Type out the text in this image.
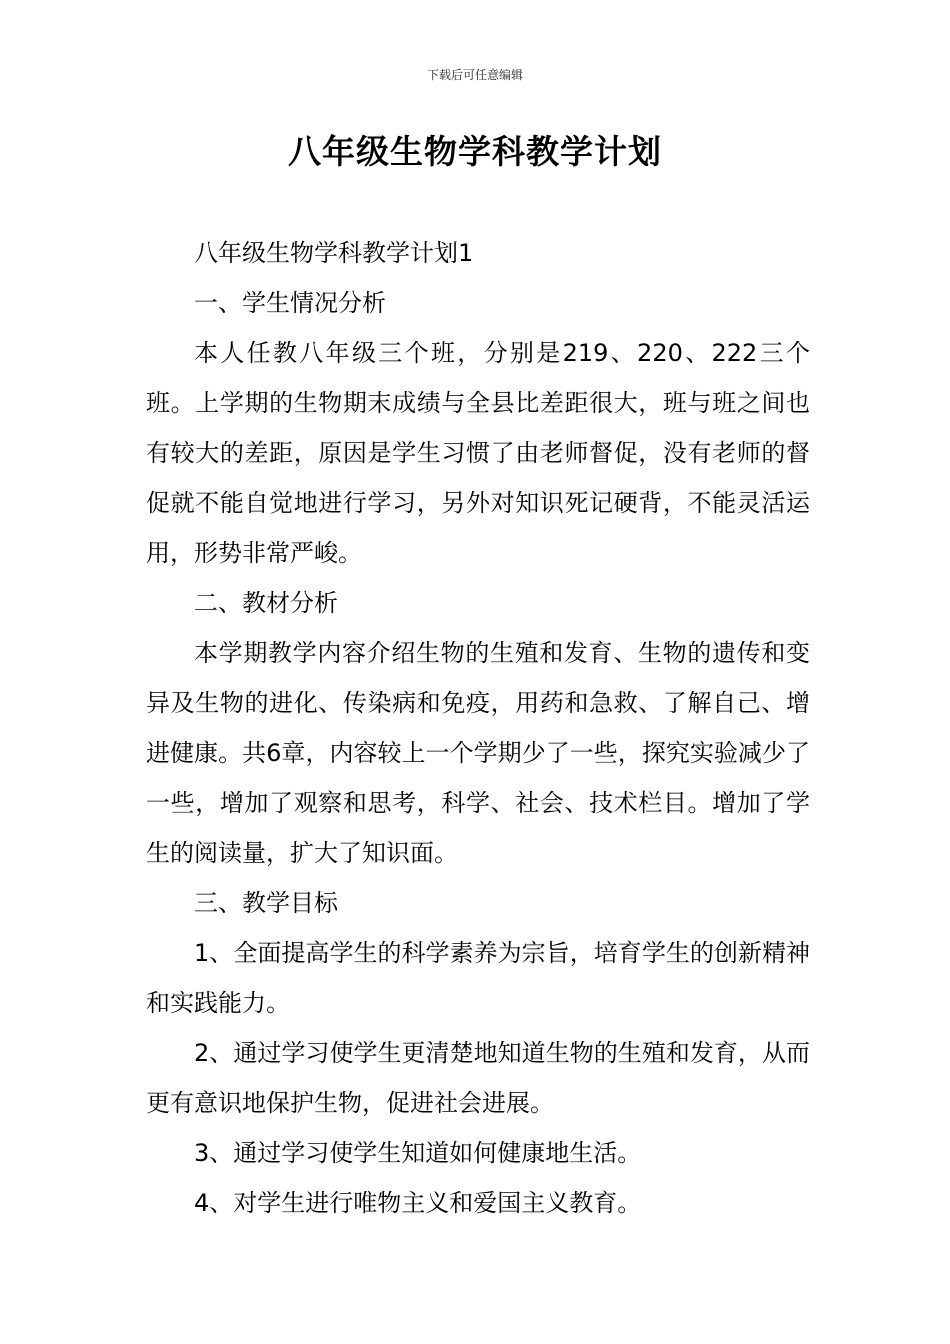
下载后可任意编辑
八年级生物学科教学计划

八年级生物学科教学计划1

一、学生情况分析

本人任教八年级三个班，分别是219、220、222三个班。上学期的生物期末成绩与全县比差距很大，班与班之间也有较大的差距，原因是学生习惯了由老师督促，没有老师的督促就不能自觉地进行学习，另外对知识死记硬背，不能灵活运用，形势非常严峻。

二、教材分析

本学期教学内容介绍生物的生殖和发育、生物的遗传和变异及生物的进化、传染病和免疫，用药和急救、了解自己、增进健康。共6章，内容较上一个学期少了一些，探究实验减少了一些，增加了观察和思考，科学、社会、技术栏目。增加了学生的阅读量，扩大了知识面。

三、教学目标

1、全面提高学生的科学素养为宗旨，培育学生的创新精神和实践能力。

2、通过学习使学生更清楚地知道生物的生殖和发育，从而更有意识地保护生物，促进社会进展。

3、通过学习使学生知道如何健康地生活。

4、对学生进行唯物主义和爱国主义教育。
